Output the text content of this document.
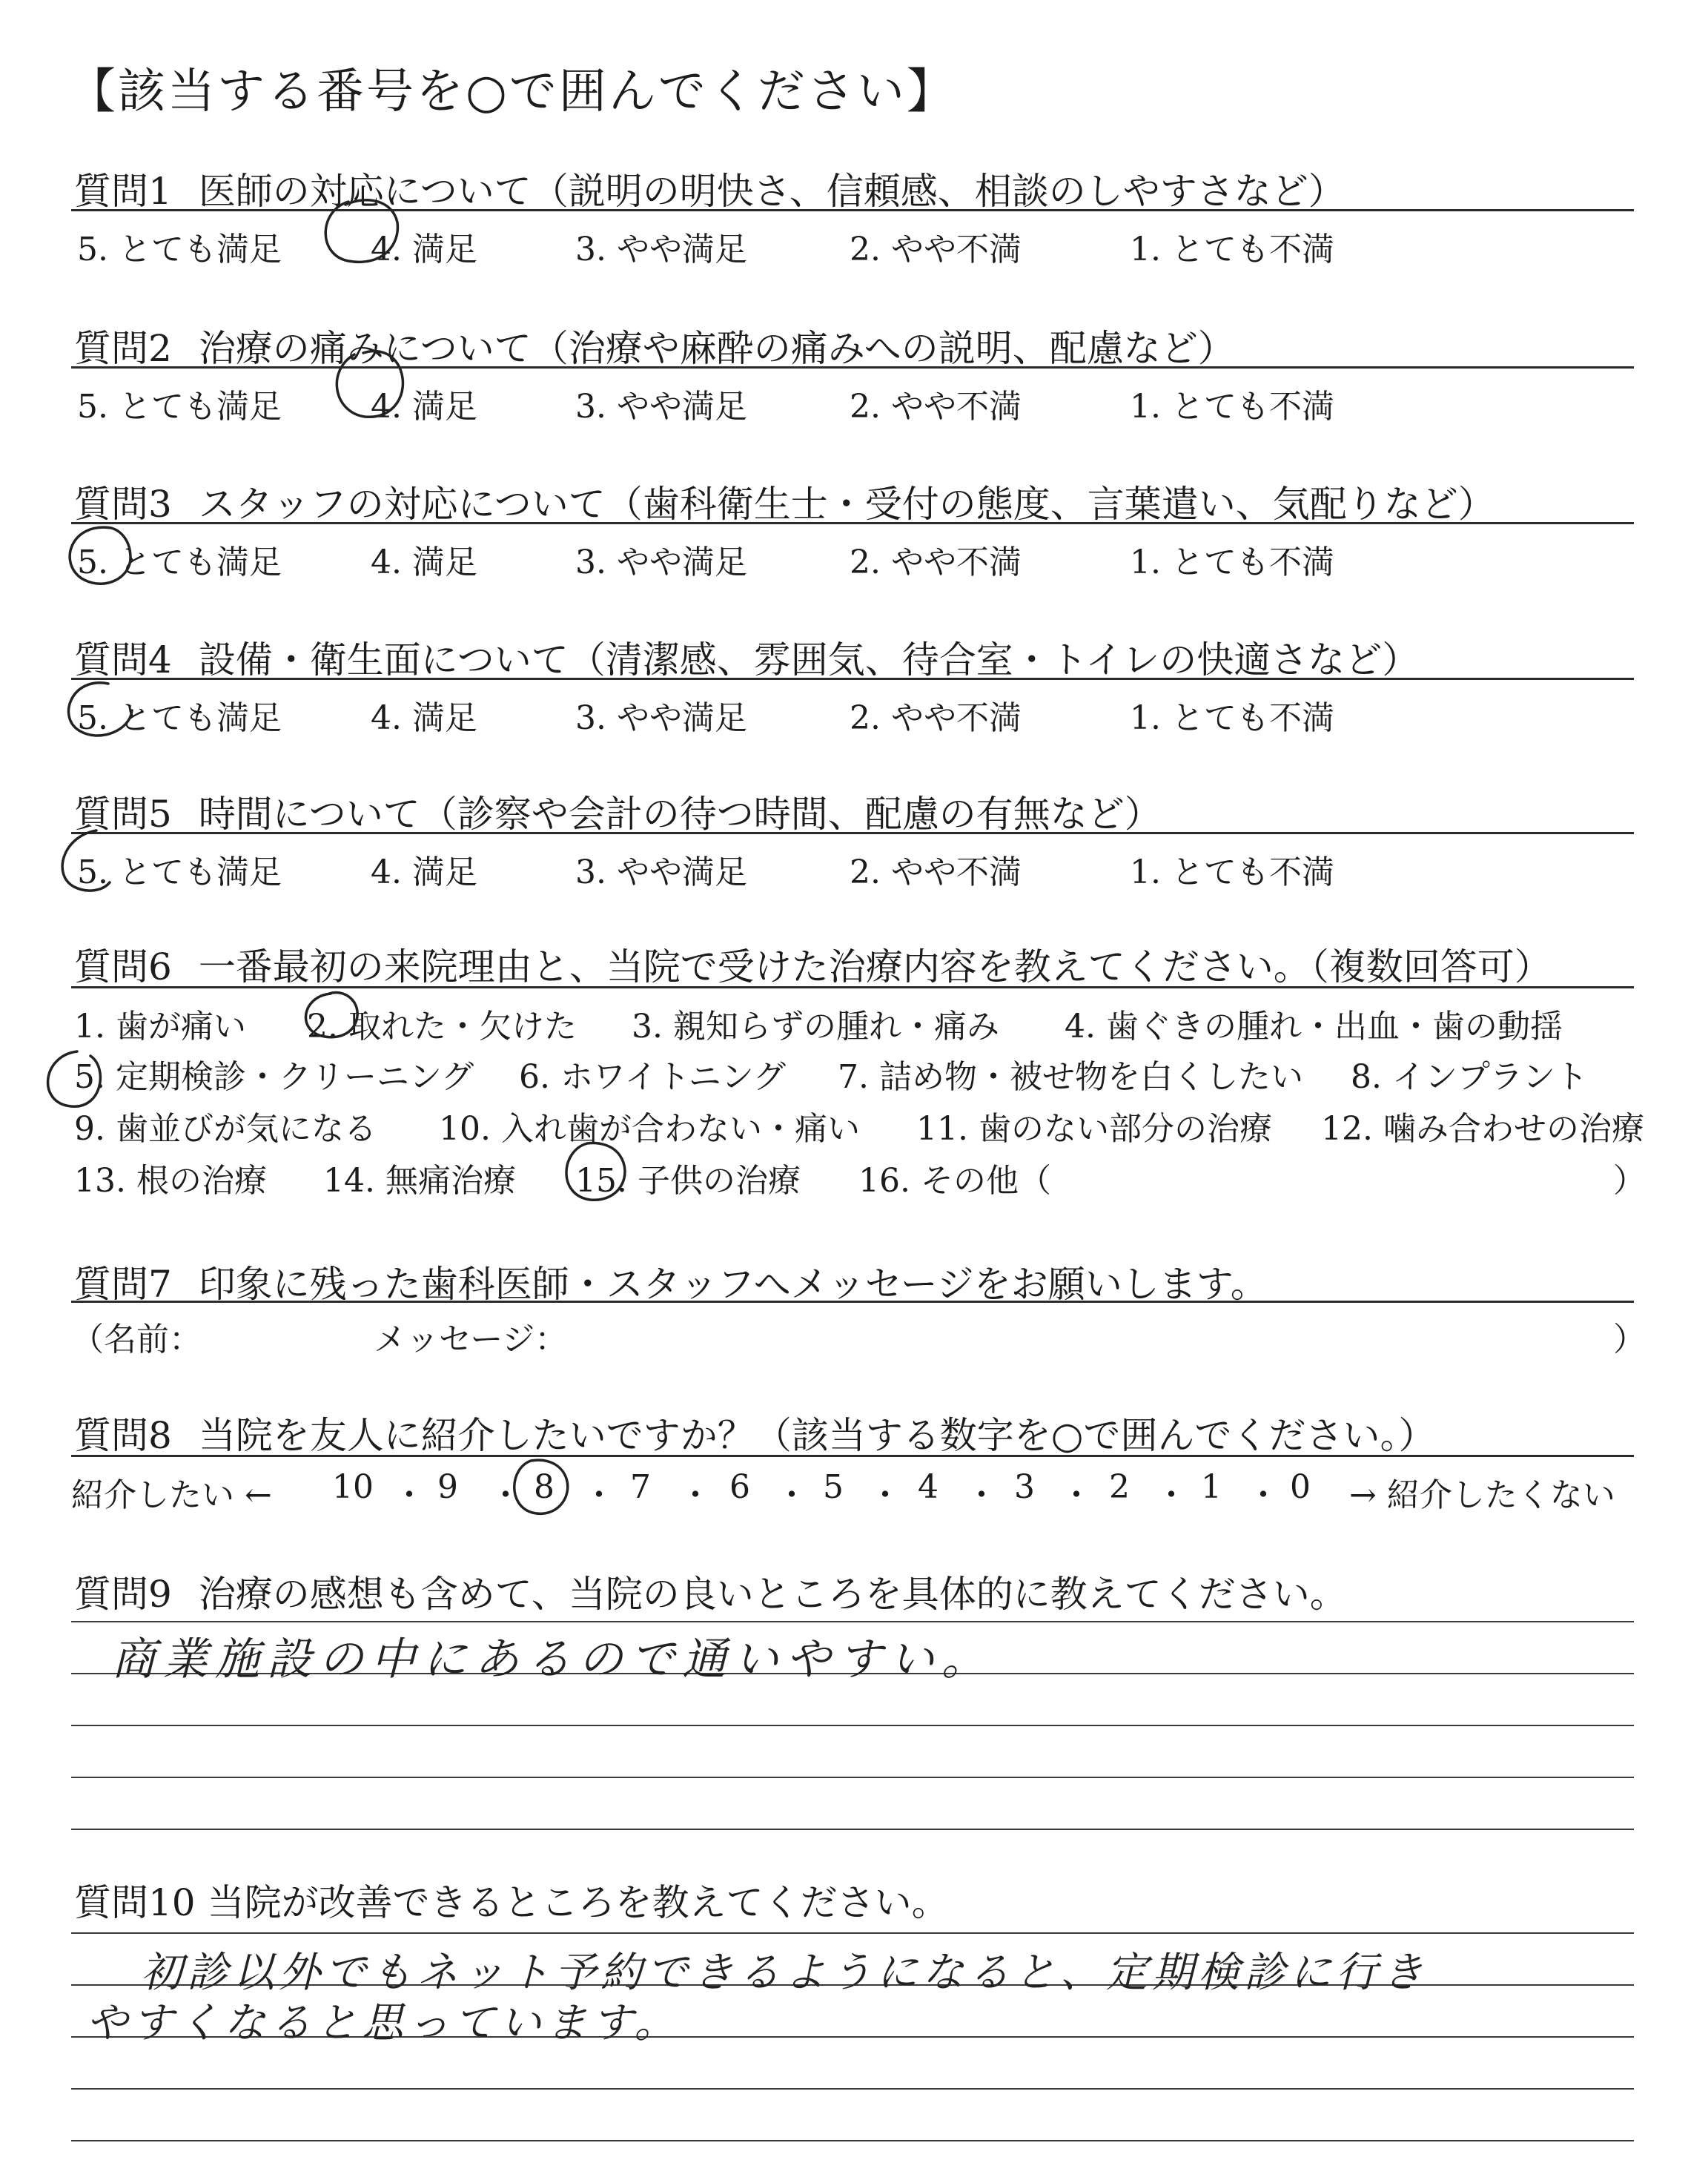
【該当する番号を○で囲んでください】
質問1 医師の対応について（説明の明快さ、信頼感、相談のしやすさなど）
5. とても満足	4. 満足	3. やや満足	2. やや不満	1. とても不満
質問2 治療の痛みについて（治療や麻酔の痛みへの説明、配慮など）
5. とても満足	4. 満足	3. やや満足	2. やや不満	1. とても不満
質問3 スタッフの対応について（歯科衛生士・受付の態度、言葉遣い、気配りなど）
5. とても満足	4. 満足	3. やや満足	2. やや不満	1. とても不満
質問4 設備・衛生面について（清潔感、雰囲気、待合室・トイレの快適さなど）
5. とても満足	4. 満足	3. やや満足	2. やや不満	1. とても不満
質問5 時間について（診察や会計の待つ時間、配慮の有無など）
5. とても満足	4. 満足	3. やや満足	2. やや不満	1. とても不満
質問6 一番最初の来院理由と、当院で受けた治療内容を教えてください。（複数回答可）
1. 歯が痛い 2. 取れた・欠けた 3. 親知らずの腫れ・痛み 4. 歯ぐきの腫れ・出血・歯の動揺
5. 定期検診・クリーニング 6. ホワイトニング 7. 詰め物・被せ物を白くしたい 8. インプラント
9. 歯並びが気になる 10. 入れ歯が合わない・痛い 11. 歯のない部分の治療 12. 噛み合わせの治療
13. 根の治療 14. 無痛治療 15. 子供の治療 16. その他（	）
質問7 印象に残った歯科医師・スタッフへメッセージをお願いします。
（名前：	メッセージ：	）
質問8 当院を友人に紹介したいですか？（該当する数字を○で囲んでください。）
紹介したい ← 10 9 8 7 6 5 4 3 2 1 0
・ ・ ・ ・ ・ ・ ・ ・ ・ ・ → 紹介したくない
質問9 治療の感想も含めて、当院の良いところを具体的に教えてください。
商業施設の中にあるので通いやすい。
質問10 当院が改善できるところを教えてください。
初診以外でもネット予約できるようになると、定期検診に行き
やすくなると思っています。
